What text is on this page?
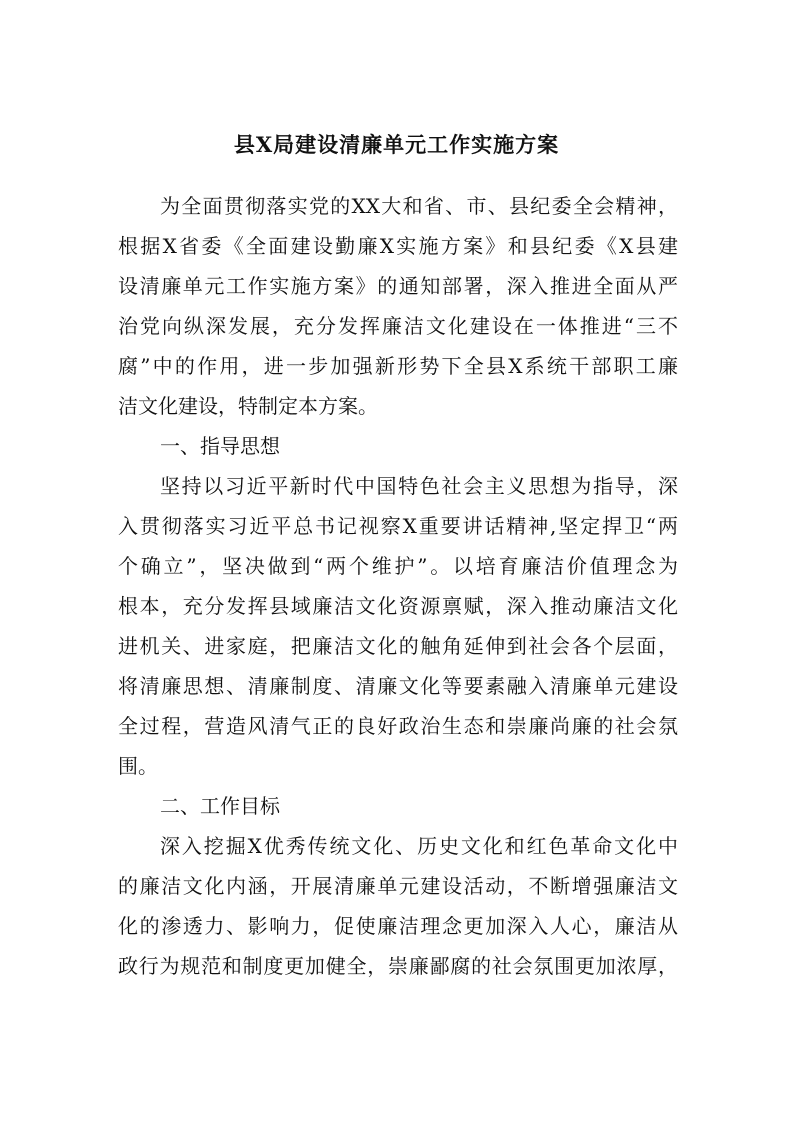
县X局建设清廉单元工作实施方案
为全面贯彻落实党的XX大和省、市、县纪委全会精神，
根据X省委《全面建设勤廉X实施方案》和县纪委《X县建
设清廉单元工作实施方案》的通知部署，深入推进全面从严
治党向纵深发展，充分发挥廉洁文化建设在一体推进“三不
腐”中的作用，进一步加强新形势下全县X系统干部职工廉
洁文化建设，特制定本方案。
一、指导思想
坚持以习近平新时代中国特色社会主义思想为指导，深
入贯彻落实习近平总书记视察X重要讲话精神,坚定捍卫“两
个确立”，坚决做到“两个维护”。以培育廉洁价值理念为
根本，充分发挥县域廉洁文化资源禀赋，深入推动廉洁文化
进机关、进家庭，把廉洁文化的触角延伸到社会各个层面，
将清廉思想、清廉制度、清廉文化等要素融入清廉单元建设
全过程，营造风清气正的良好政治生态和崇廉尚廉的社会氛
围。
二、工作目标
深入挖掘X优秀传统文化、历史文化和红色革命文化中
的廉洁文化内涵，开展清廉单元建设活动，不断增强廉洁文
化的渗透力、影响力，促使廉洁理念更加深入人心，廉洁从
政行为规范和制度更加健全，崇廉鄙腐的社会氛围更加浓厚，
